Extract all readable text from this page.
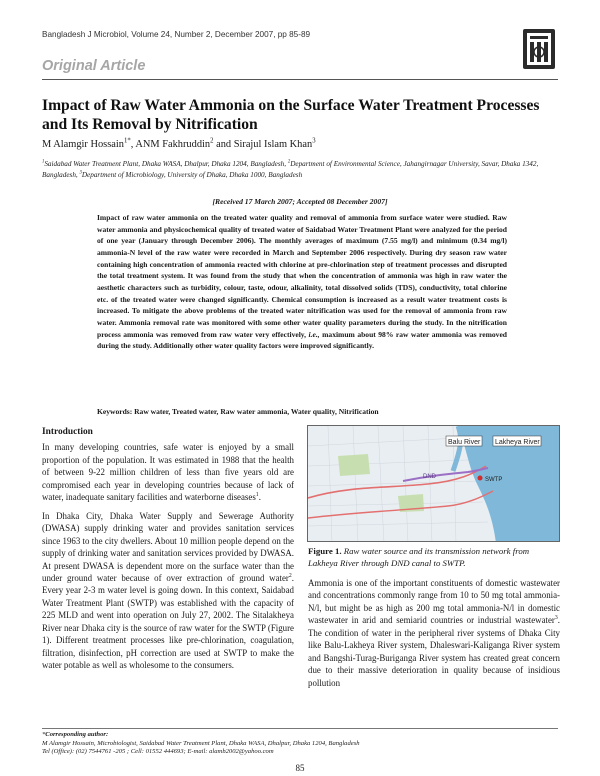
Bangladesh J Microbiol, Volume 24, Number 2, December 2007, pp 85-89
Original Article
Impact of Raw Water Ammonia on the Surface Water Treatment Processes and Its Removal by Nitrification
M Alamgir Hossain$^{1*}$, ANM Fakhruddin$^2$ and Sirajul Islam Khan$^3$
$^1$Saidabad Water Treatment Plant, Dhaka WASA, Dhalpur, Dhaka 1204, Bangladesh, $^2$Department of Environmental Science, Jahangirnagar University, Savar, Dhaka 1342, Bangladesh, $^3$Department of Microbiology, University of Dhaka, Dhaka 1000, Bangladesh
[Received 17 March 2007; Accepted 08 December 2007]
Impact of raw water ammonia on the treated water quality and removal of ammonia from surface water were studied. Raw water ammonia and physicochemical quality of treated water of Saidabad Water Treatment Plant were analyzed for the period of one year (January through December 2006). The monthly averages of maximum (7.55 mg/l) and minimum (0.34 mg/l) ammonia-N level of the raw water were recorded in March and September 2006 respectively. During dry season raw water containing high concentration of ammonia reacted with chlorine at pre-chlorination step of treatment processes and disrupted the total treatment system. It was found from the study that when the concentration of ammonia was high in raw water the aesthetic characters such as turbidity, colour, taste, odour, alkalinity, total dissolved solids (TDS), conductivity, total chlorine etc. of the treated water were changed significantly. Chemical consumption is increased as a result water treatment costs is increased. To mitigate the above problems of the treated water nitrification was used for the removal of ammonia from raw water. Ammonia removal rate was monitored with some other water quality parameters during the study. In the nitrification process ammonia was removed from raw water very effectively, i.e., maximum about 98% raw water ammonia was removed during the study. Additionally other water quality factors were improved significantly.
Keywords: Raw water, Treated water, Raw water ammonia, Water quality, Nitrification
Introduction

In many developing countries, safe water is enjoyed by a small proportion of the population. It was estimated in 1988 that the health of between 9-22 million children of less than five years old are compromised each year in developing countries because of lack of water, inadequate sanitary facilities and waterborne diseases$^1$.

In Dhaka City, Dhaka Water Supply and Sewerage Authority (DWASA) supply drinking water and provides sanitation services since 1963 to the city dwellers. About 10 million people depend on the supply of drinking water and sanitation services provided by DWASA. At present DWASA is dependent more on the surface water than the under ground water because of over extraction of ground water$^2$. Every year 2-3 m water level is going down. In this context, Saidabad Water Treatment Plant (SWTP) was established with the capacity of 225 MLD and went into operation on July 27, 2002. The Sitalakheya River near Dhaka city is the source of raw water for the SWTP (Figure 1). Different treatment processes like pre-chlorination, coagulation, filtration, disinfection, pH correction are used at SWTP to make the water potable as well as wholesome to the consumers.

Balu River Lakheya River
SWTP
DND
Figure 1. Raw water source and its transmission network from Lakheya River through DND canal to SWTP.

Ammonia is one of the important constituents of domestic wastewater and concentrations commonly range from 10 to 50 mg total ammonia-N/l, but might be as high as 200 mg total ammonia-N/l in domestic wastewater in arid and semiarid countries or industrial wastewater$^3$. The condition of water in the peripheral river systems of Dhaka City like Balu-Lakheya River system, Dhaleswari-Kaliganga River system and Bangshi-Turag-Buriganga River system has created great concern due to their massive deterioration in quality because of insidious pollution

*Corresponding author:
M Alamgir Hossain, Microbiologist, Saidabad Water Treatment Plant, Dhaka WASA, Dhalpur, Dhaka 1204, Bangladesh
Tel (Office): (02) 7544761 -205 ; Cell: 01552 444693; E-mail: alamb2002@yahoo.com
85
